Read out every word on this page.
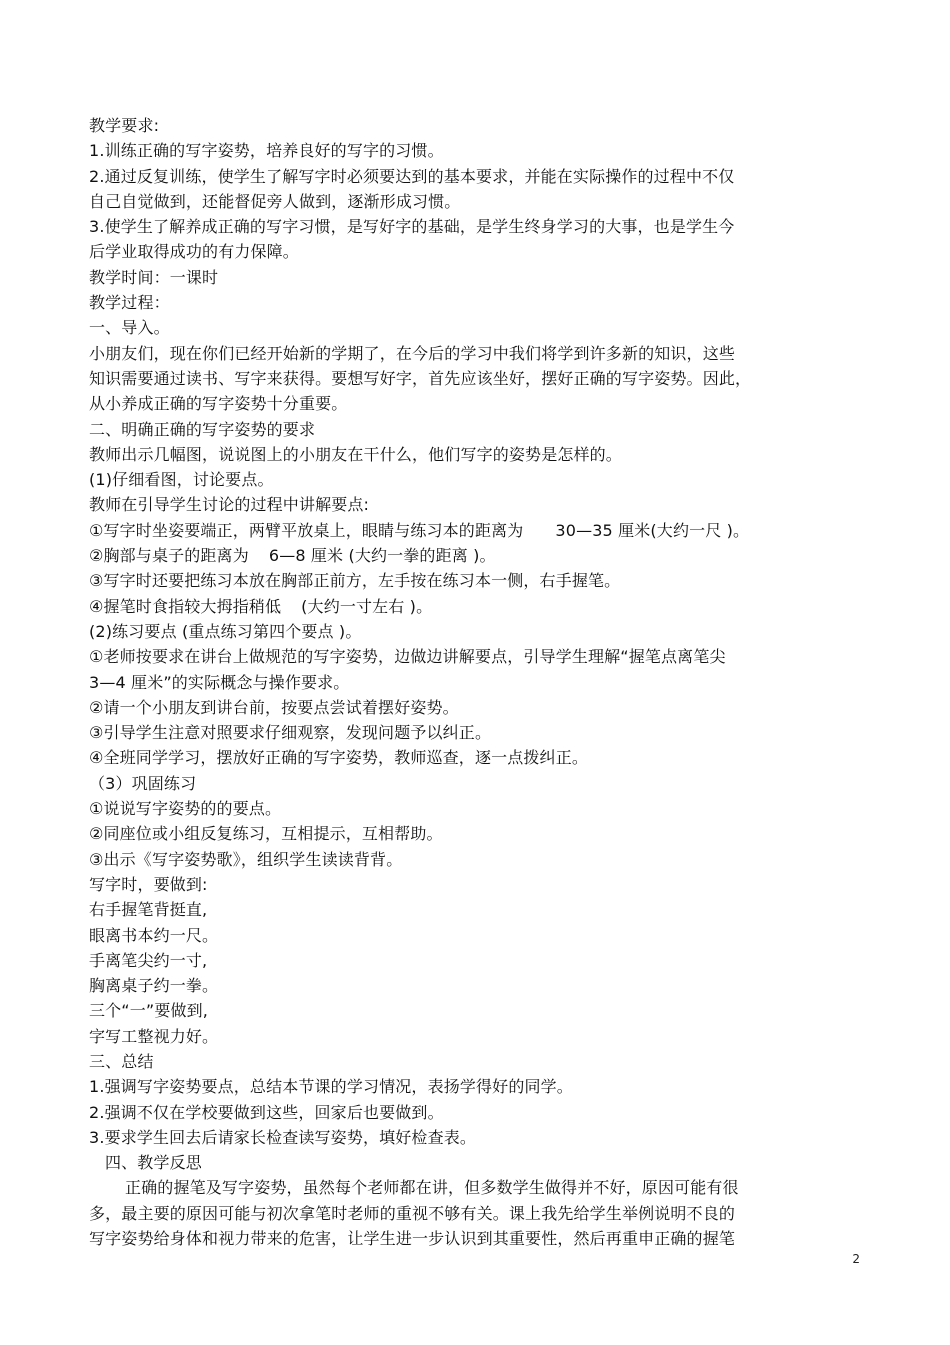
教学要求:
1.训练正确的写字姿势，培养良好的写字的习惯。
2.通过反复训练，使学生了解写字时必须要达到的基本要求，并能在实际操作的过程中不仅
自己自觉做到，还能督促旁人做到，逐渐形成习惯。
3.使学生了解养成正确的写字习惯，是写好字的基础，是学生终身学习的大事，也是学生今
后学业取得成功的有力保障。
教学时间：一课时
教学过程：
一、导入。
小朋友们，现在你们已经开始新的学期了，在今后的学习中我们将学到许多新的知识，这些
知识需要通过读书、写字来获得。要想写好字，首先应该坐好，摆好正确的写字姿势。因此，
从小养成正确的写字姿势十分重要。
二、明确正确的写字姿势的要求
教师出示几幅图，说说图上的小朋友在干什么，他们写字的姿势是怎样的。
(1)仔细看图，讨论要点。
教师在引导学生讨论的过程中讲解要点:
①写字时坐姿要端正，两臂平放桌上，眼睛与练习本的距离为 30—35 厘米(大约一尺 )。
②胸部与桌子的距离为 6—8 厘米 (大约一拳的距离 )。
③写字时还要把练习本放在胸部正前方，左手按在练习本一侧，右手握笔。
④握笔时食指较大拇指稍低 (大约一寸左右 )。
(2)练习要点 (重点练习第四个要点 )。
①老师按要求在讲台上做规范的写字姿势，边做边讲解要点，引导学生理解“握笔点离笔尖
3—4 厘米”的实际概念与操作要求。
②请一个小朋友到讲台前，按要点尝试着摆好姿势。
③引导学生注意对照要求仔细观察，发现问题予以纠正。
④全班同学学习，摆放好正确的写字姿势，教师巡查，逐一点拨纠正。
（3）巩固练习
①说说写字姿势的的要点。
②同座位或小组反复练习，互相提示，互相帮助。
③出示《写字姿势歌》，组织学生读读背背。
写字时，要做到:
右手握笔背挺直,
眼离书本约一尺。
手离笔尖约一寸,
胸离桌子约一拳。
三个“一”要做到,
字写工整视力好。
三、总结
1.强调写字姿势要点，总结本节课的学习情况，表扬学得好的同学。
2.强调不仅在学校要做到这些，回家后也要做到。
3.要求学生回去后请家长检查读写姿势，填好检查表。
四、教学反思
正确的握笔及写字姿势，虽然每个老师都在讲，但多数学生做得并不好，原因可能有很
多，最主要的原因可能与初次拿笔时老师的重视不够有关。课上我先给学生举例说明不良的
写字姿势给身体和视力带来的危害，让学生进一步认识到其重要性，然后再重申正确的握笔
2
